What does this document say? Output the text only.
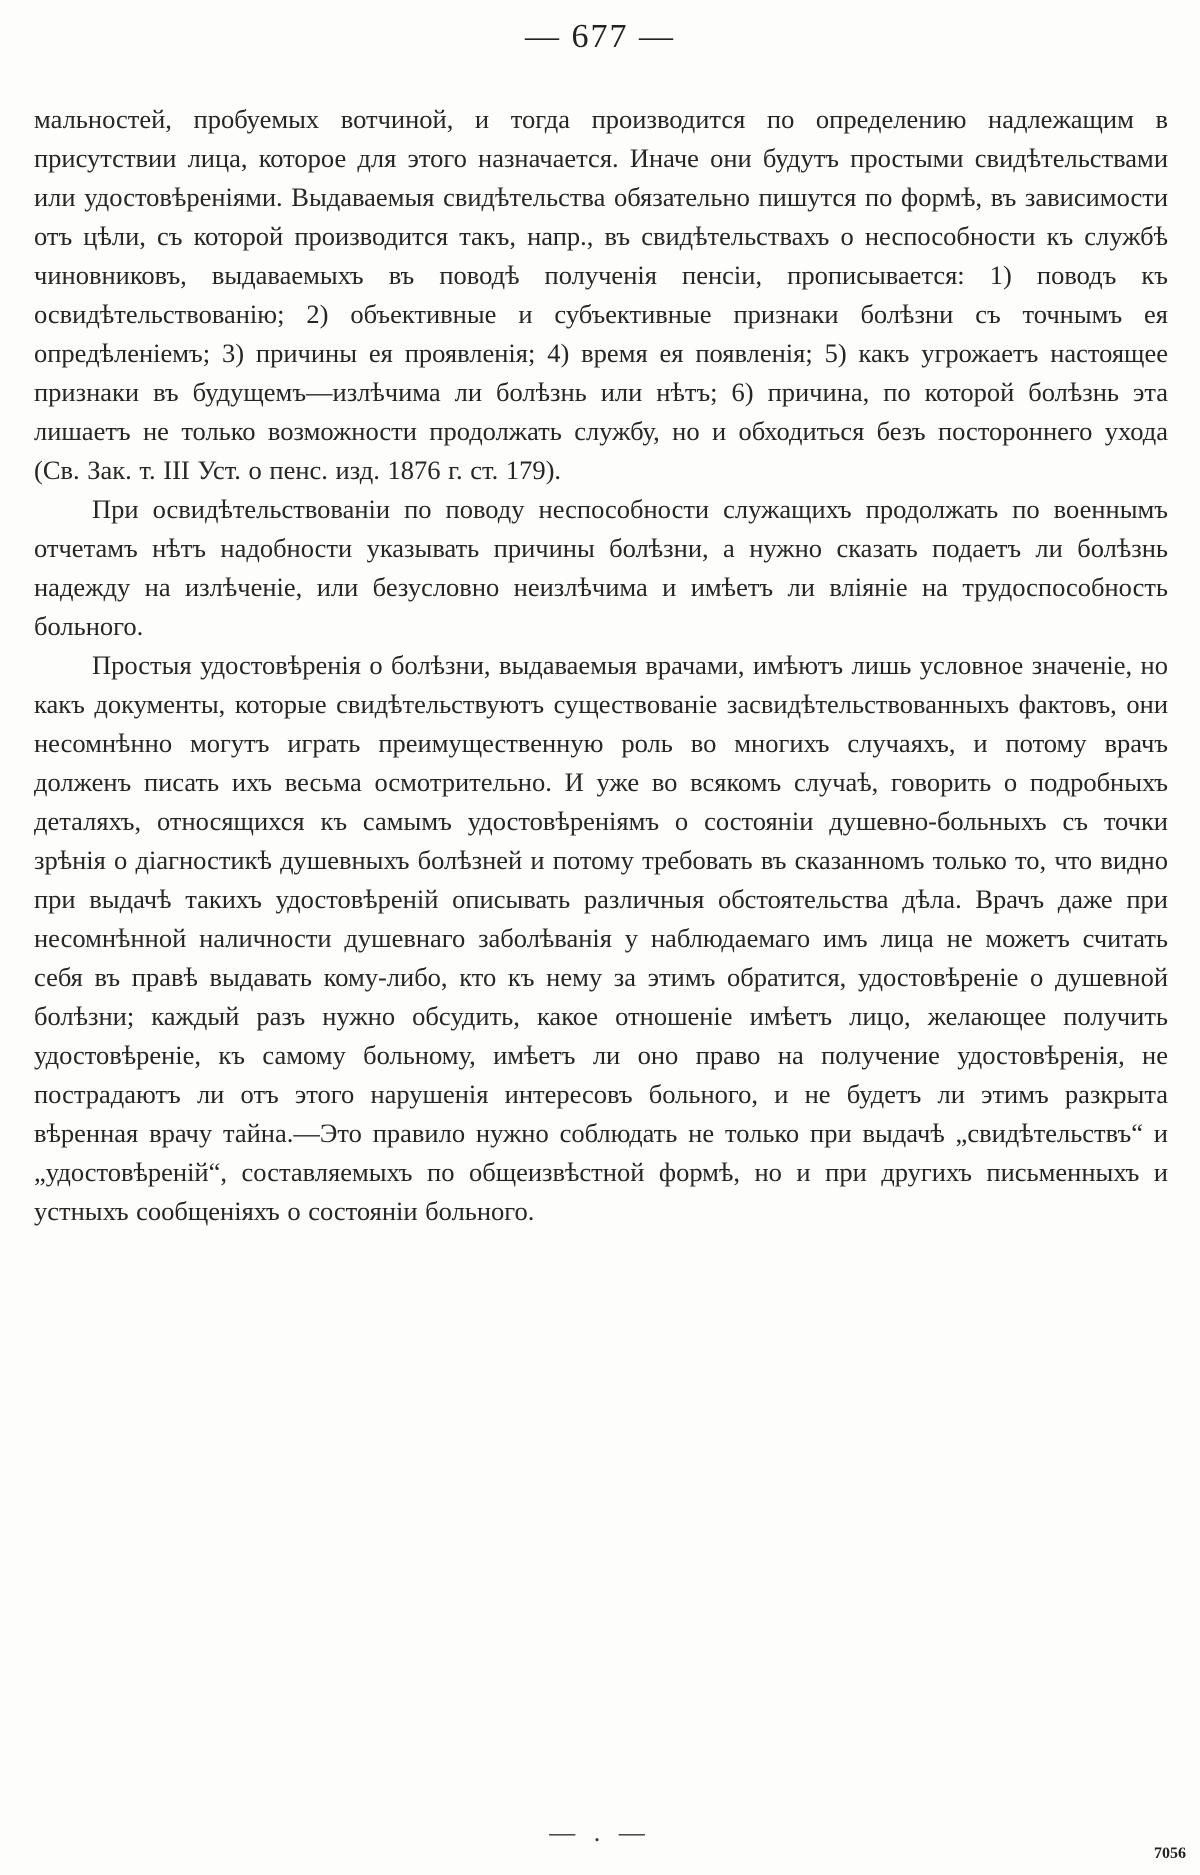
— 677 —

мальностей, пробуемых вотчиной, и тогда производится по определению надлежащим в присутствии лица, которое для этого назначается. Иначе они будутъ простыми свидѣтельствами или удостовѣреніями. Выдаваемыя свидѣтельства обязательно пишутся по формѣ, въ зависимости отъ цѣли, съ которой производится такъ, напр., въ свидѣтельствахъ о неспособности къ службѣ чиновниковъ, выдаваемыхъ въ поводѣ полученія пенсіи, прописывается: 1) поводъ къ освидѣтельствованію; 2) объективные и субъективные признаки болѣзни съ точнымъ ея опредѣленіемъ; 3) причины ея проявленія; 4) время ея появленія; 5) какъ угрожаетъ настоящее признаки въ будущемъ—излѣчима ли болѣзнь или нѣтъ; 6) причина, по которой болѣзнь эта лишаетъ не только возможности продолжать службу, но и обходиться безъ постороннего ухода (Св. Зак. т. III Уст. о пенс. изд. 1876 г. ст. 179).

При освидѣтельствованіи по поводу неспособности служащихъ продолжать по военнымъ отчетамъ нѣтъ надобности указывать причины болѣзни, а нужно сказать подаетъ ли болѣзнь надежду на излѣченіе, или безусловно неизлѣчима и имѣетъ ли вліяніе на трудоспособность больного.

Простыя удостовѣренія о болѣзни, выдаваемыя врачами, имѣютъ лишь условное значеніе, но какъ документы, которые свидѣтельствуютъ существованіе засвидѣтельствованныхъ фактовъ, они несомнѣнно могутъ играть преимущественную роль во многихъ случаяхъ, и потому врачъ долженъ писать ихъ весьма осмотрительно. И уже во всякомъ случаѣ, говорить о подробныхъ деталяхъ, относящихся къ самымъ удостовѣреніямъ о состояніи душевно-больныхъ съ точки зрѣнія о діагностикѣ душевныхъ болѣзней и потому требовать въ сказанномъ только то, что видно при выдачѣ такихъ удостовѣреній описывать различныя обстоятельства дѣла. Врачъ даже при несомнѣнной наличности душевнаго заболѣванія у наблюдаемаго имъ лица не можетъ считать себя въ правѣ выдавать кому-либо, кто къ нему за этимъ обратится, удостовѣреніе о душевной болѣзни; каждый разъ нужно обсудить, какое отношеніе имѣетъ лицо, желающее получить удостовѣреніе, къ самому больному, имѣетъ ли оно право на получение удостовѣренія, не пострадаютъ ли отъ этого нарушенія интересовъ больного, и не будетъ ли этимъ разкрыта вѣренная врачу тайна.—Это правило нужно соблюдать не только при выдачѣ „свидѣтельствъ“ и „удостовѣреній“, составляемыхъ по общеизвѣстной формѣ, но и при другихъ письменныхъ и устныхъ сообщеніяхъ о состояніи больного.

— . —
7056
